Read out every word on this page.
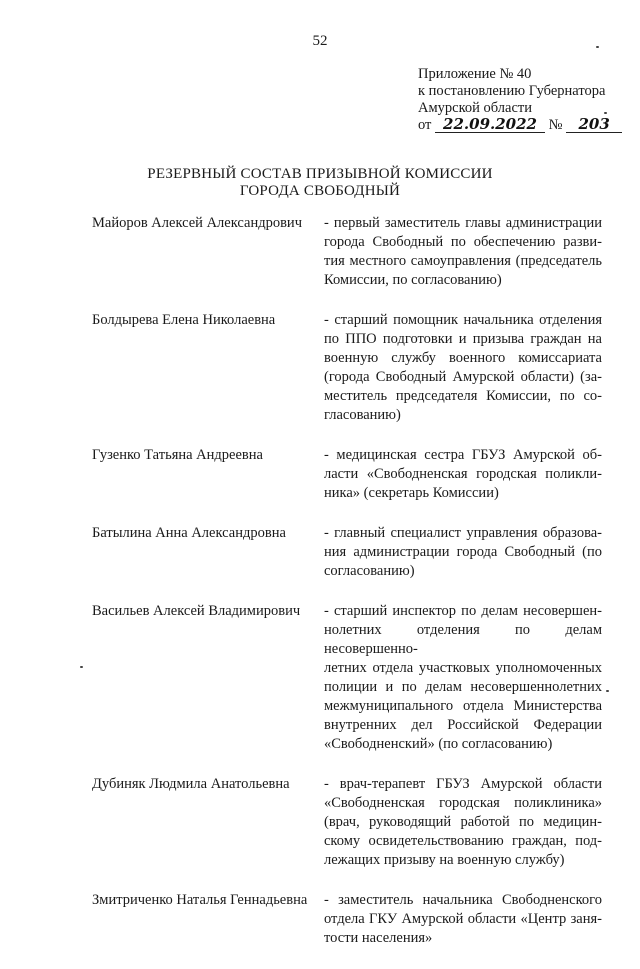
52
Приложение № 40
к постановлению Губернатора
Амурской области
от 22.09.2022 № 203
РЕЗЕРВНЫЙ СОСТАВ ПРИЗЫВНОЙ КОМИССИИ
ГОРОДА СВОБОДНЫЙ
Майоров Алексей Александрович	- первый заместитель главы администрации
города Свободный по обеспечению разви-
тия местного самоуправления (председатель
Комиссии, по согласованию)
Болдырева Елена Николаевна	- старший помощник начальника отделения
по ППО подготовки и призыва граждан на
военную службу военного комиссариата
(города Свободный Амурской области) (за-
меститель председателя Комиссии, по со-
гласованию)
Гузенко Татьяна Андреевна	- медицинская сестра ГБУЗ Амурской об-
ласти «Свободненская городская поликли-
ника» (секретарь Комиссии)
Батылина Анна Александровна	- главный специалист управления образова-
ния администрации города Свободный (по
согласованию)
Васильев Алексей Владимирович	- старший инспектор по делам несовершен-
нолетних отделения по делам несовершенно-
летних отдела участковых уполномоченных
полиции и по делам несовершеннолетних
межмуниципального отдела Министерства
внутренних дел Российской Федерации
«Свободненский» (по согласованию)
Дубиняк Людмила Анатольевна	- врач-терапевт ГБУЗ Амурской области
«Свободненская городская поликлиника»
(врач, руководящий работой по медицин-
скому освидетельствованию граждан, под-
лежащих призыву на военную службу)
Змитриченко Наталья Геннадьевна	- заместитель начальника Свободненского
отдела ГКУ Амурской области «Центр заня-
тости населения»
